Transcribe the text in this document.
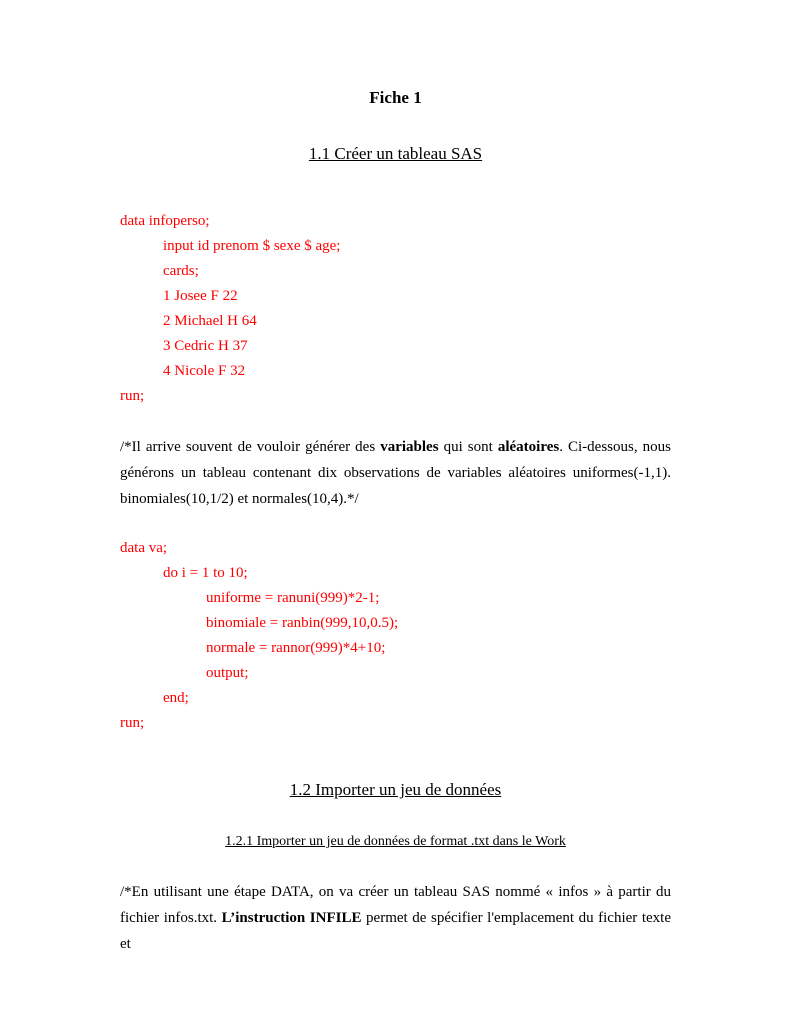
Fiche 1
1.1 Créer un tableau SAS
data infoperso;
input id prenom $ sexe $ age;
cards;
1 Josee F 22
2 Michael H 64
3 Cedric H 37
4 Nicole F 32
run;
/*Il arrive souvent de vouloir générer des variables qui sont aléatoires. Ci-dessous, nous
générons un tableau contenant dix observations de variables aléatoires uniformes(-1,1).
binomiales(10,1/2) et normales(10,4).*/
data va;
do i = 1 to 10;
uniforme = ranuni(999)*2-1;
binomiale = ranbin(999,10,0.5);
normale = rannor(999)*4+10;
output;
end;
run;
1.2 Importer un jeu de données
1.2.1 Importer un jeu de données de format .txt dans le Work
/*En utilisant une étape DATA, on va créer un tableau SAS nommé « infos » à partir du
fichier infos.txt. L’instruction INFILE permet de spécifier l'emplacement du fichier texte et
